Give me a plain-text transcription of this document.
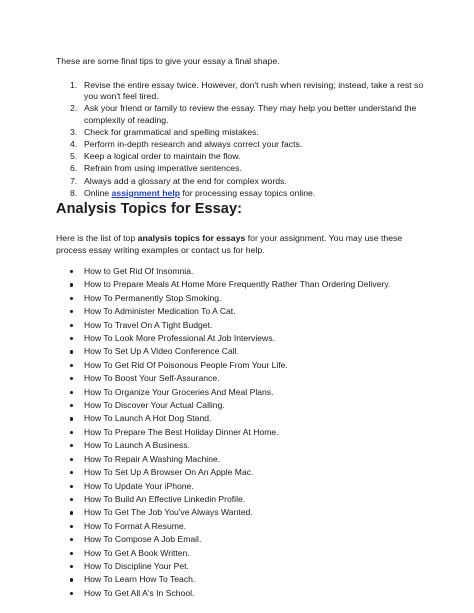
These are some final tips to give your essay a final shape.

1. Revise the entire essay twice. However, don't rush when revising; instead, take a rest so you won't feel tired.
2. Ask your friend or family to review the essay. They may help you better understand the complexity of reading.
3. Check for grammatical and spelling mistakes.
4. Perform in-depth research and always correct your facts.
5. Keep a logical order to maintain the flow.
6. Refrain from using imperative sentences.
7. Always add a glossary at the end for complex words.
8. Online assignment help for processing essay topics online.
Analysis Topics for Essay:

Here is the list of top analysis topics for essays for your assignment. You may use these process essay writing examples or contact us for help.

How to Get Rid Of Insomnia.
How to Prepare Meals At Home More Frequently Rather Than Ordering Delivery.
How To Permanently Stop Smoking.
How To Administer Medication To A Cat.
How To Travel On A Tight Budget.
How To Look More Professional At Job Interviews.
How To Set Up A Video Conference Call.
How To Get Rid Of Poisonous People From Your Life.
How To Boost Your Self-Assurance.
How To Organize Your Groceries And Meal Plans.
How To Discover Your Actual Calling.
How To Launch A Hot Dog Stand.
How To Prepare The Best Holiday Dinner At Home.
How To Launch A Business.
How To Repair A Washing Machine.
How To Set Up A Browser On An Apple Mac.
How To Update Your iPhone.
How To Build An Effective Linkedin Profile.
How To Get The Job You've Always Wanted.
How To Format A Resume.
How To Compose A Job Email.
How To Get A Book Written.
How To Discipline Your Pet.
How To Learn How To Teach.
How To Get All A's In School.
